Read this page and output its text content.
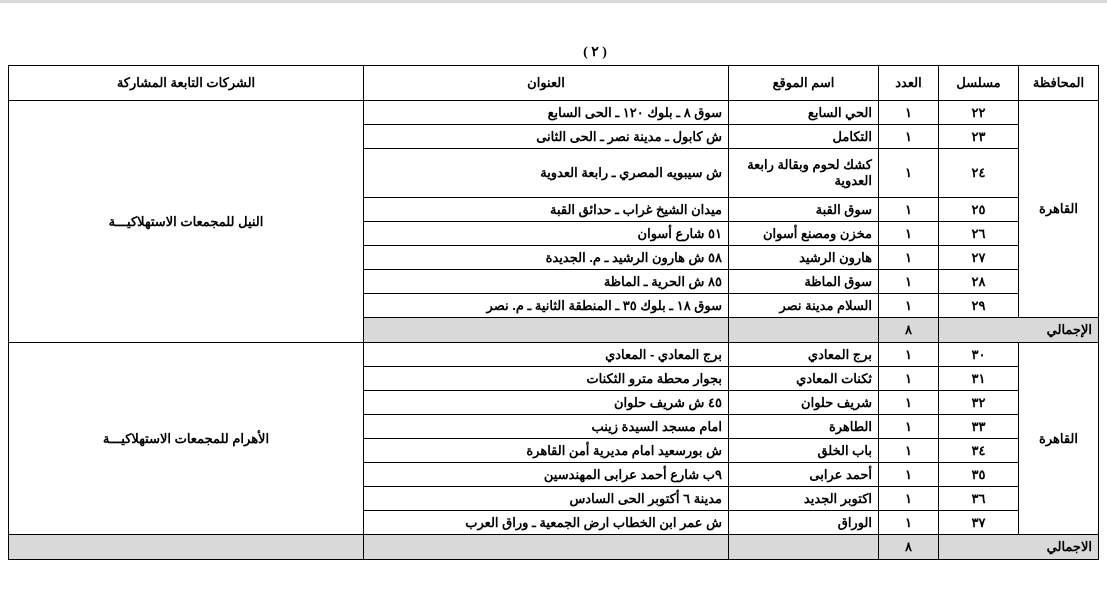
( ٢ )
المحافظة	مسلسل	العدد	اسم الموقع	العنوان	الشركات التابعة المشاركة
القاهرة	٢٢	١	الحي السابع	سوق ٨ ـ بلوك ١٢٠ ـ الحى السابع	النيل للمجمعات الاستهلاكيـــة
	٢٣	١	التكامل	ش كابول ـ مدينة نصر ـ الحى الثانى	
	٢٤	١	كشك لحوم وبقالة رابعة العدوية	ش سيبويه المصري ـ رابعة العدوية	
	٢٥	١	سوق القبة	ميدان الشيخ غراب ـ حدائق القبة	
	٢٦	١	مخزن ومصنع أسوان	٥١ شارع أسوان	
	٢٧	١	هارون الرشيد	٥٨ ش هارون الرشيد ـ م. الجديدة	
	٢٨	١	سوق الماظة	٨٥ ش الحرية ـ الماظة	
	٢٩	١	السلام مدينة نصر	سوق ١٨ ـ بلوك ٣٥ ـ المنطقة الثانية ـ م. نصر	
الإجمالي		٨			
القاهرة	٣٠	١	برج المعادي	برج المعادي - المعادي	الأهرام للمجمعات الاستهلاكيـــة
	٣١	١	ثكنات المعادي	بجوار محطة مترو الثكنات	
	٣٢	١	شريف حلوان	٤٥ ش شريف حلوان	
	٣٣	١	الطاهرة	امام مسجد السيدة زينب	
	٣٤	١	باب الخلق	ش بورسعيد امام مديرية أمن القاهرة	
	٣٥	١	أحمد عرابى	٩ب شارع أحمد عرابى المهندسين	
	٣٦	١	اكتوبر الجديد	مدينة ٦ أكتوبر الحى السادس	
	٣٧	١	الوراق	ش عمر ابن الخطاب ارض الجمعية ـ وراق العرب	
الاجمالي		٨			
